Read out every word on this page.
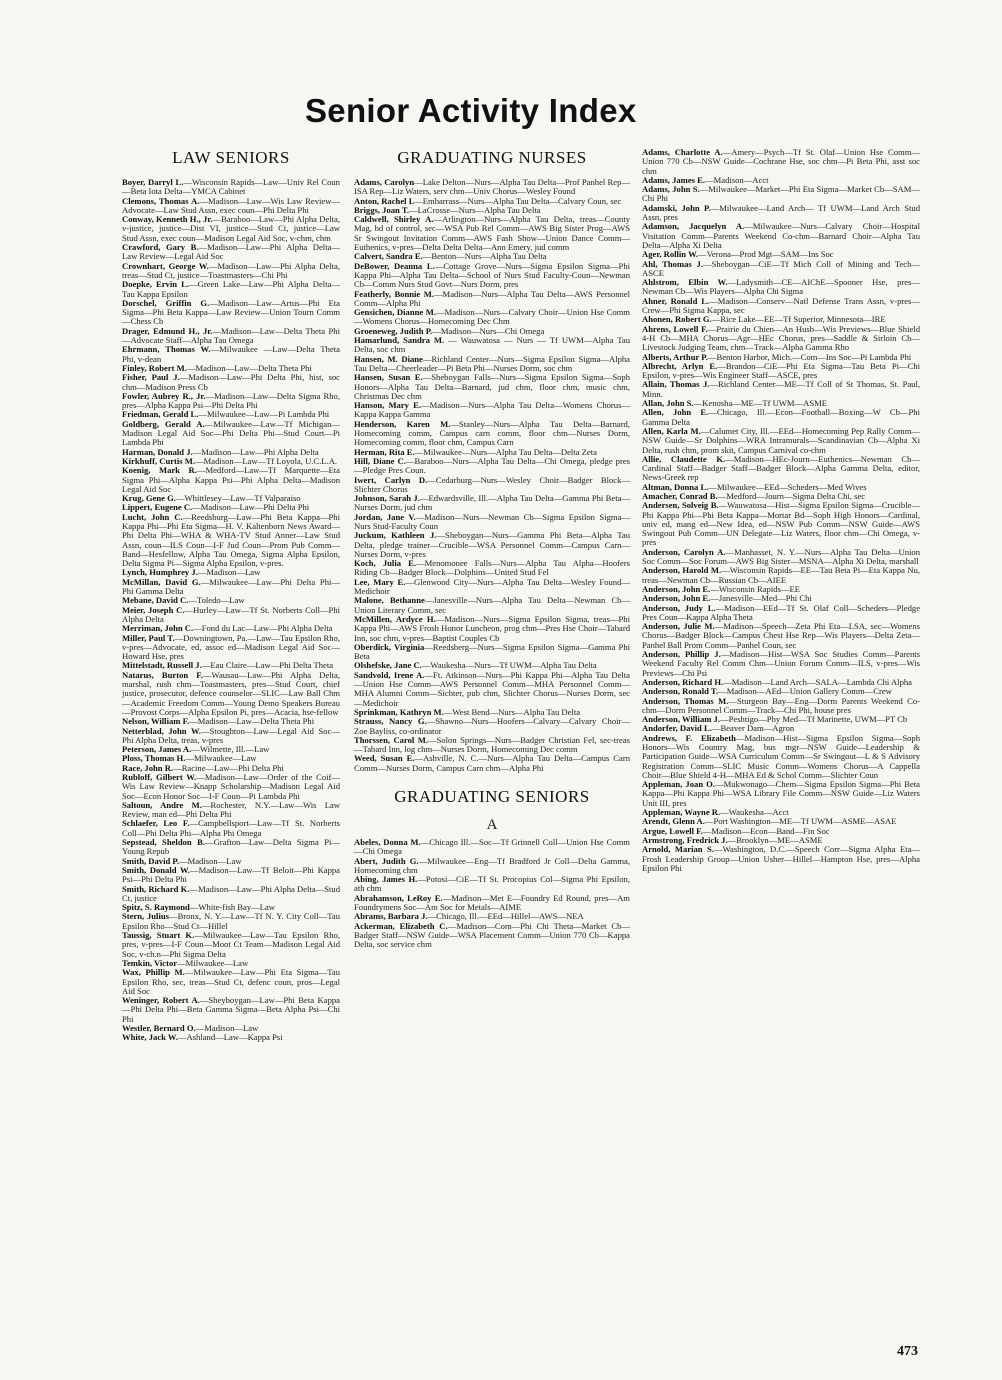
Senior Activity Index
LAW SENIORS

Boyer, Darryl L.—Wisconsin Rapids—Law—Univ Rel Coun—Beta Iota Delta—YMCA Cabinet

Clemons, Thomas A.—Madison—Law—Wis Law Review—Advocate—Law Stud Assn, exec coun—Phi Delta Phi

Conway, Kenneth H., Jr.—Baraboo—Law—Phi Alpha Delta, v-justice, justice—Dist VI, justice—Stud Ct, justice—Law Stud Assn, exec coun—Madison Legal Aid Soc, v-chm, chm

Crawford, Gary B.—Madison—Law—Phi Alpha Delta—Law Review—Legal Aid Soc

Crownhart, George W.—Madison—Law—Phi Alpha Delta, treas—Stud Ct, justice—Toastmasters—Chi Phi

Doepke, Ervin L.—Green Lake—Law—Phi Alpha Delta—Tau Kappa Epsilon

Dorschel, Griffin G.—Madison—Law—Artus—Phi Eta Sigma—Phi Beta Kappa—Law Review—Union Tourn Comm—Chess Cb

Drager, Edmund H., Jr.—Madison—Law—Delta Theta Phi—Advocate Staff—Alpha Tau Omega

Ehrmann, Thomas W.—Milwaukee —Law—Delta Theta Phi, v-dean

Finley, Robert M.—Madison—Law—Delta Theta Phi

Fisher, Paul J.—Madison—Law—Phi Delta Phi, hist, soc chm—Madison Press Cb

Fowler, Aubrey R., Jr.—Madison—Law—Delta Sigma Rho, pres—Alpha Kappa Psi—Phi Delta Phi

Friedman, Gerald L.—Milwaukee—Law—Pi Lambda Phi

Goldberg, Gerald A.—Milwaukee—Law—Tf Michigan—Madison Legal Aid Soc—Phi Delta Phi—Stud Court—Pi Lambda Phi

Harman, Donald J.—Madison—Law—Phi Alpha Delta

Kirkhuff, Curtis M.—Madison—Law—Tf Loyola, U.C.L.A.

Koenig, Mark R.—Medford—Law—Tf Marquette—Eta Sigma Phi—Alpha Kappa Psi—Phi Alpha Delta—Madison Legal Aid Soc

Krug, Gene G.—Whittlesey—Law—Tf Valparaiso

Lippert, Eugene C.—Madison—Law—Phi Delta Phi

Lucht, John C.—Reedsburg—Law—Phi Beta Kappa—Phi Kappa Phi—Phi Eta Sigma—H. V. Kaltenborn News Award—Phi Delta Phi—WHA & WHA-TV Stud Anner—Law Stud Assn, coun—ILS Coun—I-F Jud Coun—Prom Pub Comm—Band—Hesfellow, Alpha Tau Omega, Sigma Alpha Epsilon, Delta Sigma Pi—Sigma Alpha Epsilon, v-pres.

Lynch, Humphrey J.—Madison—Law

McMillan, David G.—Milwaukee—Law—Phi Delta Phi—Phi Gamma Delta

Mebane, David C.—Toledo—Law

Meier, Joseph C.—Hurley—Law—Tf St. Norberts Coll—Phi Alpha Delta

Merriman, John C.—Fond du Lac—Law—Phi Alpha Delta

Miller, Paul T.—Downingtown, Pa.—Law—Tau Epsilon Rho, v-pres—Advocate, ed, assoc ed—Madison Legal Aid Soc—Howard Hse, pres

Mittelstadt, Russell J.—Eau Claire—Law—Phi Delta Theta

Natarus, Burton F.—Wausau—Law—Phi Alpha Delta, marshal, rush chm—Toastmasters, pres—Stud Court, chief justice, prosecutor, defence counselor—SLIC—Law Ball Chm—Academic Freedom Comm—Young Demo Speakers Bureau—Provost Corps—Alpha Epsilon Pi, pres—Acacia, hse-fellow

Nelson, William F.—Madison—Law—Delta Theta Phi

Netterblad, John W.—Stoughton—Law—Legal Aid Soc—Phi Alpha Delta, treas, v-pres

Peterson, James A.—Wilmette, Ill.—Law

Ploss, Thomas H.—Milwaukee—Law

Race, John R.—Racine—Law—Phi Delta Phi

Rubloff, Gilbert W.—Madison—Law—Order of the Coif—Wis Law Review—Knapp Scholarship—Madison Legal Aid Soc—Econ Honor Soc—I-F Coun—Pi Lambda Phi

Saltoun, Andre M.—Rochester, N.Y.—Law—Wis Law Review, man ed—Phi Delta Phi

Schlaefer, Leo F.—Campbellsport—Law—Tf St. Norberts Coll—Phi Delta Phi—Alpha Phi Omega

Sepstead, Sheldon B.—Grafton—Law—Delta Sigma Pi—Young Repub

Smith, David P.—Madison—Law

Smith, Donald W.—Madison—Law—Tf Beloit—Phi Kappa Psi—Phi Delta Phi

Smith, Richard K.—Madison—Law—Phi Alpha Delta—Stud Ct, justice

Spitz, S. Raymond—White-fish Bay—Law

Stern, Julius—Bronx, N. Y.—Law—Tf N. Y. City Coll—Tau Epsilon Rho—Stud Ct—Hillel

Taussig, Stuart K.—Milwaukee—Law—Tau Epsilon Rho, pres, v-pres—I-F Coun—Moot Ct Team—Madison Legal Aid Soc, v-ch.n—Phi Sigma Delta

Temkin, Victor—Milwaukee—Law

Wax, Phillip M.—Milwaukee—Law—Phi Eta Sigma—Tau Epsilon Rho, sec, treas—Stud Ct, defenc coun, pros—Legal Aid Soc

Weninger, Robert A.—Sheyboygan—Law—Phi Beta Kappa—Phi Delta Phi—Beta Gamma Sigma—Beta Alpha Psi—Chi Phi

Westler, Bernard O.—Madison—Law

White, Jack W.—Ashland—Law—Kappa Psi

GRADUATING NURSES

Adams, Carolyn—Lake Delton—Nurs—Alpha Tau Delta—Prof Panhel Rep—ISA Rep—Liz Waters, serv chm—Univ Chorus—Wesley Found

Anton, Rachel I.—Embarrass—Nurs—Alpha Tau Delta—Calvary Coun, sec

Briggs, Joan T.—LaCrosse—Nurs—Alpha Tau Delta

Caldwell, Shirley A.—Arlington—Nurs—Alpha Tau Delta, treas—County Mag, bd of control, sec—WSA Pub Rel Comm—AWS Big Sister Prog—AWS Sr Swingout Invitation Comm—AWS Fash Show—Union Dance Comm—Euthenics, v-pres—Delta Delta Delta—Ann Emery, jud comm

Calvert, Sandra E.—Benton—Nurs—Alpha Tau Delta

DeBower, Deanna L.—Cottage Grove—Nurs—Sigma Epsilon Sigma—Phi Kappa Phi—Alpha Tau Delta—School of Nurs Stud Faculty-Coun—Newman Cb—Comm Nurs Stud Govt—Nurs Dorm, pres

Featherly, Bonnie M.—Madison—Nurs—Alpha Tau Delta—AWS Personnel Comm—Alpha Phi

Gensichen, Dianne M.—Madison—Nurs—Calvary Choir—Union Hse Comm—Womens Chorus—Homecoming Dec Chm

Groeneweg, Judith P.—Madison—Nurs—Chi Omega

Hamarlund, Sandra M. — Wauwatosa — Nurs — Tf UWM—Alpha Tau Delta, soc chm

Hansen, M. Diane—Richland Center—Nurs—Sigma Epsilon Sigma—Alpha Tau Delta—Cheerleader—Pi Beta Phi—Nurses Dorm, soc chm

Hansen, Susan E.—Sheboygan Falls—Nurs—Sigma Epsilon Sigma—Soph Honors—Alpha Tau Delta—Barnard, jud chm, floor chm, music chm, Christmas Dec chm

Hanson, Mary E.—Madison—Nurs—Alpha Tau Delta—Womens Chorus—Kappa Kappa Gamma

Henderson, Karen M.—Stanley—Nurs—Alpha Tau Delta—Barnard, Homecoming comm, Campus carn comm, floor chm—Nurses Dorm, Homecoming comm, floor chm, Campus Carn

Herman, Rita E.—Milwaukee—Nurs—Alpha Tau Delta—Delta Zeta

Hill, Diane C.—Baraboo—Nurs—Alpha Tau Delta—Chi Omega, pledge pres—Pledge Pres Coun.

Iwert, Carlyn D.—Cedarburg—Nurs—Wesley Choir—Badger Block—Slichter Chorus

Johnson, Sarah J.—Edwardsville, Ill.—Alpha Tau Delta—Gamma Phi Beta—Nurses Dorm, jud chm

Jordan, Jane V.—Madison—Nurs—Newman Cb—Sigma Epsilon Sigma—Nurs Stud-Faculty Coun

Juckum, Kathleen J.—Sheboygan—Nurs—Gamma Phi Beta—Alpha Tau Delta, pledge trainer—Crucible—WSA Personnel Comm—Campus Carn—Nurses Dorm, v-pres

Koch, Julia E.—Menomonee Falls—Nurs—Alpha Tau Alpha—Hoofers Riding Cb—Badger Block—Dolphins—United Stud Fel

Lee, Mary E.—Glenwood City—Nurs—Alpha Tau Delta—Wesley Found—Medichoir

Malone, Bethanne—Janesville—Nurs—Alpha Tau Delta—Newman Cb—Union Literary Comm, sec

McMillen, Ardyce H.—Madison—Nurs—Sigma Epsilon Sigma, treas—Phi Kappa Phi—AWS Frosh Honor Luncheon, prog chm—Pres Hse Choir—Tabard Inn, soc chm, v-pres—Baptist Couples Cb

Oberdick, Virginia—Reedsberg—Nurs—Sigma Epsilon Sigma—Gamma Phi Beta

Olshefske, Jane C.—Waukesha—Nurs—Tf UWM—Alpha Tau Delta

Sandvold, Irene A.—Ft. Atkinson—Nurs—Phi Kappa Phi—Alpha Tau Delta—Union Hse Comm—AWS Personnel Comm—MHA Personnel Comm—MHA Alumni Comm—Sichter, pub chm, Slichter Chorus—Nurses Dorm, sec—Medichoir

Sprinkman, Kathryn M.—West Bend—Nurs—Alpha Tau Delta

Strauss, Nancy G.—Shawno—Nurs—Hoofers—Calvary—Calvary Choir—Zoe Bayliss, co-ordinator

Thorssen, Carol M.—Solon Springs—Nurs—Badger Christian Fel, sec-treas—Tabard Inn, log chm—Nurses Dorm, Homecoming Dec comm

Weed, Susan E.—Ashville, N. C.—Nurs—Alpha Tau Delta—Campus Carn Comm—Nurses Dorm, Campus Carn chm—Alpha Phi

GRADUATING SENIORS
A

Abeles, Donna M.—Chicago Ill.—Soc—Tf Grinnell Coll—Union Hse Comm—Chi Omega

Abert, Judith G.—Milwaukee—Eng—Tf Bradford Jr Coll—Delta Gamma, Homecoming chm

Abing, James H.—Potosi—CiE—Tf St. Procopius Col—Sigma Phi Epsilon, ath chm

Abrahamson, LeRoy E.—Madison—Met E—Foundry Ed Round, pres—Am Foundrymens Soc—Am Soc for Metals—AIME

Abrams, Barbara J.—Chicago, Ill.—EEd—Hillel—AWS—NEA

Ackerman, Elizabeth C.—Madison—Com—Phi Chi Theta—Market Cb—Badger Staff—NSW Guide—WSA Placement Comm—Union 770 Cb—Kappa Delta, soc service chm

Adams, Charlotte A.—Amery—Psych—Tf St. Olaf—Union Hse Comm—Union 770 Cb—NSW Guide—Cochrane Hse, soc chm—Pi Beta Phi, asst soc chm

Adams, James E.—Madison—Acct

Adams, John S.—Milwaukee—Market—Phi Eta Sigma—Market Cb—SAM—Chi Phi

Adamski, John P.—Milwaukee—Land Arch— Tf UWM—Land Arch Stud Assn, pres

Adamson, Jacquelyn A.—Milwaukee—Nurs—Calvary Choir—Hospital Visitation Comm—Parents Weekend Co-chm—Barnard Choir—Alpha Tau Delta—Alpha Xi Delta

Ager, Rollin W.—Verona—Prod Mgt—SAM—Ins Soc

Ahl, Thomas J.—Sheboygan—CiE—Tf Mich Coll of Mining and Tech—ASCE

Ahlstrom, Elbin W.—Ladysmith—CE—AIChE—Spooner Hse, pres—Newman Cb—Wis Players—Alpha Chi Sigma

Ahner, Ronald L.—Madison—Conserv—Natl Defense Trans Assn, v-pres—Crew—Phi Sigma Kappa, sec

Ahonen, Robert G.—Rice Lake—EE—Tf Superior, Minnesota—IRE

Ahrens, Lowell F.—Prairie du Chien—An Husb—Wis Previews—Blue Shield 4-H Cb—MHA Chorus—Agr—HEc Chorus, pres—Saddle & Sirloin Cb—Livestock Judging Team, chm—Track—Alpha Gamma Rho

Alberts, Arthur P.—Benton Harbor, Mich.—Com—Ins Soc—Pi Lambda Phi

Albrecht, Arlyn E.—Brandon—CiE—Phi Eta Sigma—Tau Beta Pi—Chi Epsilon, v-pres—Wis Engineer Staff—ASCE, pres

Allain, Thomas J.—Richland Center—ME—Tf Coll of St Thomas, St. Paul, Minn.

Allan, John S.—Kenosha—ME—Tf UWM—ASME

Allen, John E.—Chicago, Ill.—Econ—Football—Boxing—W Cb—Phi Gamma Delta

Allen, Karla M.—Calumet City, Ill.—EEd—Homecoming Pep Rally Comm—NSW Guide—Sr Dolphins—WRA Intramurals—Scandinavian Cb—Alpha Xi Delta, rush chm, prom skit, Campus Carnival co-chm

Allie, Claudette K.—Madison—HEc-Journ—Euthenics—Newman Cb— Cardinal Staff—Badger Staff—Badger Block—Alpha Gamma Delta, editor, News-Greek rep

Altman, Donna L.—Milwaukee—EEd—Scheders—Med Wives

Amacher, Conrad B.—Medford—Journ—Sigma Delta Chi, sec

Andersen, Solveig B.—Wauwatosa—Hist—Sigma Epsilon Sigma—Crucible—Phi Kappa Phi—Phi Beta Kappa—Mortar Bd—Soph High Honors—Cardinal, univ ed, mang ed—New Idea, ed—NSW Pub Comm—NSW Guide—AWS Swingout Pub Comm—UN Delegate—Liz Waters, floor chm—Chi Omega, v-pres

Anderson, Carolyn A.—Manhasset, N. Y.—Nurs—Alpha Tau Delta—Union Soc Comm—Soc Forum—AWS Big Sister—MSNA—Alpha Xi Delta, marshall

Anderson, Harold M.—Wisconsin Rapids—EE—Tau Beta Pi—Eta Kappa Nu, treas—Newman Cb—Russian Cb—AIEE

Anderson, John E.—Wisconsin Rapids—EE

Anderson, John E.—Janesville—Med—Phi Chi

Anderson, Judy L.—Madison—EEd—Tf St. Olaf Coll—Scheders—Pledge Pres Coun—Kappa Alpha Theta

Anderson, Julie M.—Madison—Speech—Zeta Phi Eta—LSA, sec—Womens Chorus—Badger Block—Campus Chest Hse Rep—Wis Players—Delta Zeta—Panhel Ball Prom Comm—Panhel Coun, sec

Anderson, Phillip J.—Madison—Hist—WSA Soc Studies Comm—Parents Weekend Faculty Rel Comm Chm—Union Forum Comm—ILS, v-pres—Wis Previews—Chi Psi

Anderson, Richard H.—Madison—Land Arch—SALA—Lambda Chi Alpha

Anderson, Ronald T.—Madison—AEd—Union Gallery Comm—Crew

Anderson, Thomas M.—Sturgeon Bay—Eng—Dorm Parents Weekend Co-chm—Dorm Personnel Comm—Track—Chi Phi, house pres

Anderson, William J.—Peshtigo—Phy Med—Tf Marinette, UWM—PT Cb

Andorfer, David L.—Beaver Dam—Agron

Andrews, F. Elizabeth—Madison—Hist—Sigma Epsilon Sigma—Soph Honors—Wis Country Mag, bus mgr—NSW Guide—Leadership & Participation Guide—WSA Curriculum Comm—Sr Swingout—L & S Advisory Registration Comm—SLIC Music Comm—Womens Chorus—A Cappella Choir—Blue Shield 4-H—MHA Ed & Schol Comm—Slichter Coun

Appleman, Joan O.—Mukwonago—Chem—Sigma Epsilon Sigma—Phi Beta Kappa—Phi Kappa Phi—WSA Library File Comm—NSW Guide—Liz Waters Unit III, pres

Appleman, Wayne R.—Waukesha—Acct

Arendt, Glenn A.—Port Washington—ME—Tf UWM—ASME—ASAE

Argue, Lowell F.—Madison—Econ—Band—Fin Soc

Armstrong, Fredrick J.—Brooklyn—ME—ASME

Arnold, Marian S.—Washington, D.C.—Speech Corr—Sigma Alpha Eta—Frosh Leadership Group—Union Usher—Hillel—Hampton Hse, pres—Alpha Epsilon Phi

473
